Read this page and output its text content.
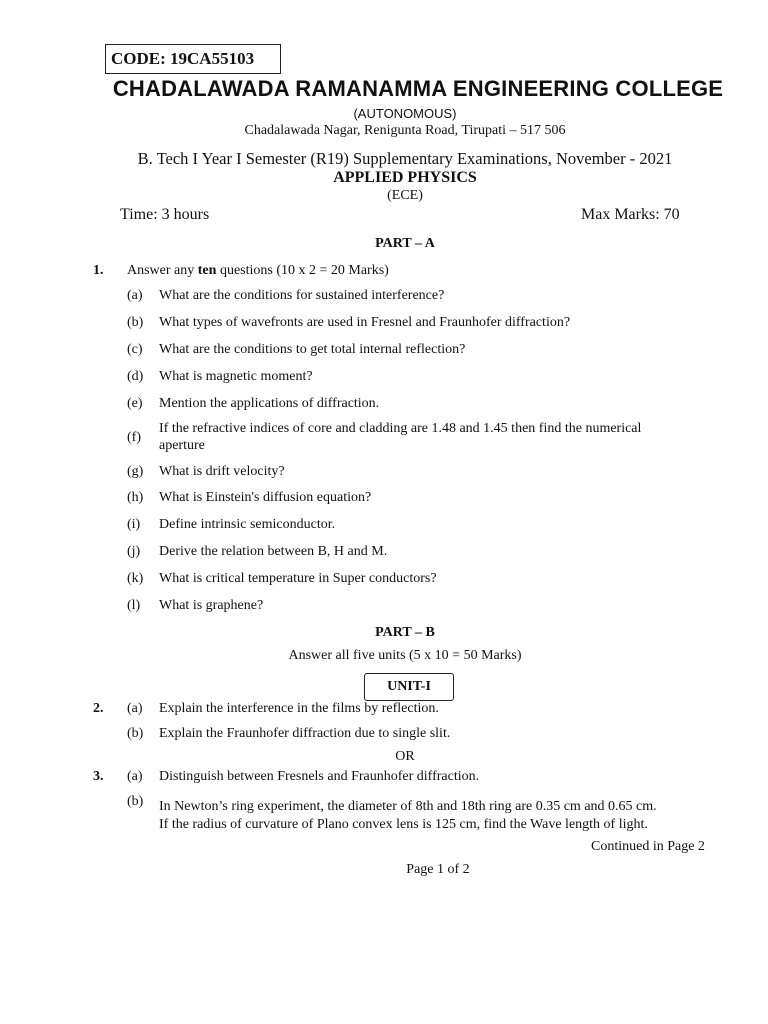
CODE: 19CA55103
CHADALAWADA RAMANAMMA ENGINEERING COLLEGE
(AUTONOMOUS)
Chadalawada Nagar, Renigunta Road, Tirupati – 517 506
B. Tech I Year I Semester (R19) Supplementary Examinations, November - 2021
APPLIED PHYSICS
(ECE)
Time: 3 hours	Max Marks: 70
PART – A
1. Answer any ten questions (10 x 2 = 20 Marks)
(a) What are the conditions for sustained interference?
(b) What types of wavefronts are used in Fresnel and Fraunhofer diffraction?
(c) What are the conditions to get total internal reflection?
(d) What is magnetic moment?
(e) Mention the applications of diffraction.
(f)
If the refractive indices of core and cladding are 1.48 and 1.45 then find the numerical
aperture
(g) What is drift velocity?
(h) What is Einstein's diffusion equation?
(i) Define intrinsic semiconductor.
(j) Derive the relation between B, H and M.
(k) What is critical temperature in Super conductors?
(l) What is graphene?
PART – B
Answer all five units (5 x 10 = 50 Marks)
UNIT-I
2. (a) Explain the interference in the films by reflection.
(b) Explain the Fraunhofer diffraction due to single slit.
OR
3. (a) Distinguish between Fresnels and Fraunhofer diffraction.
(b) In Newton’s ring experiment, the diameter of 8th and 18th ring are 0.35 cm and 0.65 cm.
If the radius of curvature of Plano convex lens is 125 cm, find the Wave length of light.
Continued in Page 2
Page 1 of 2
